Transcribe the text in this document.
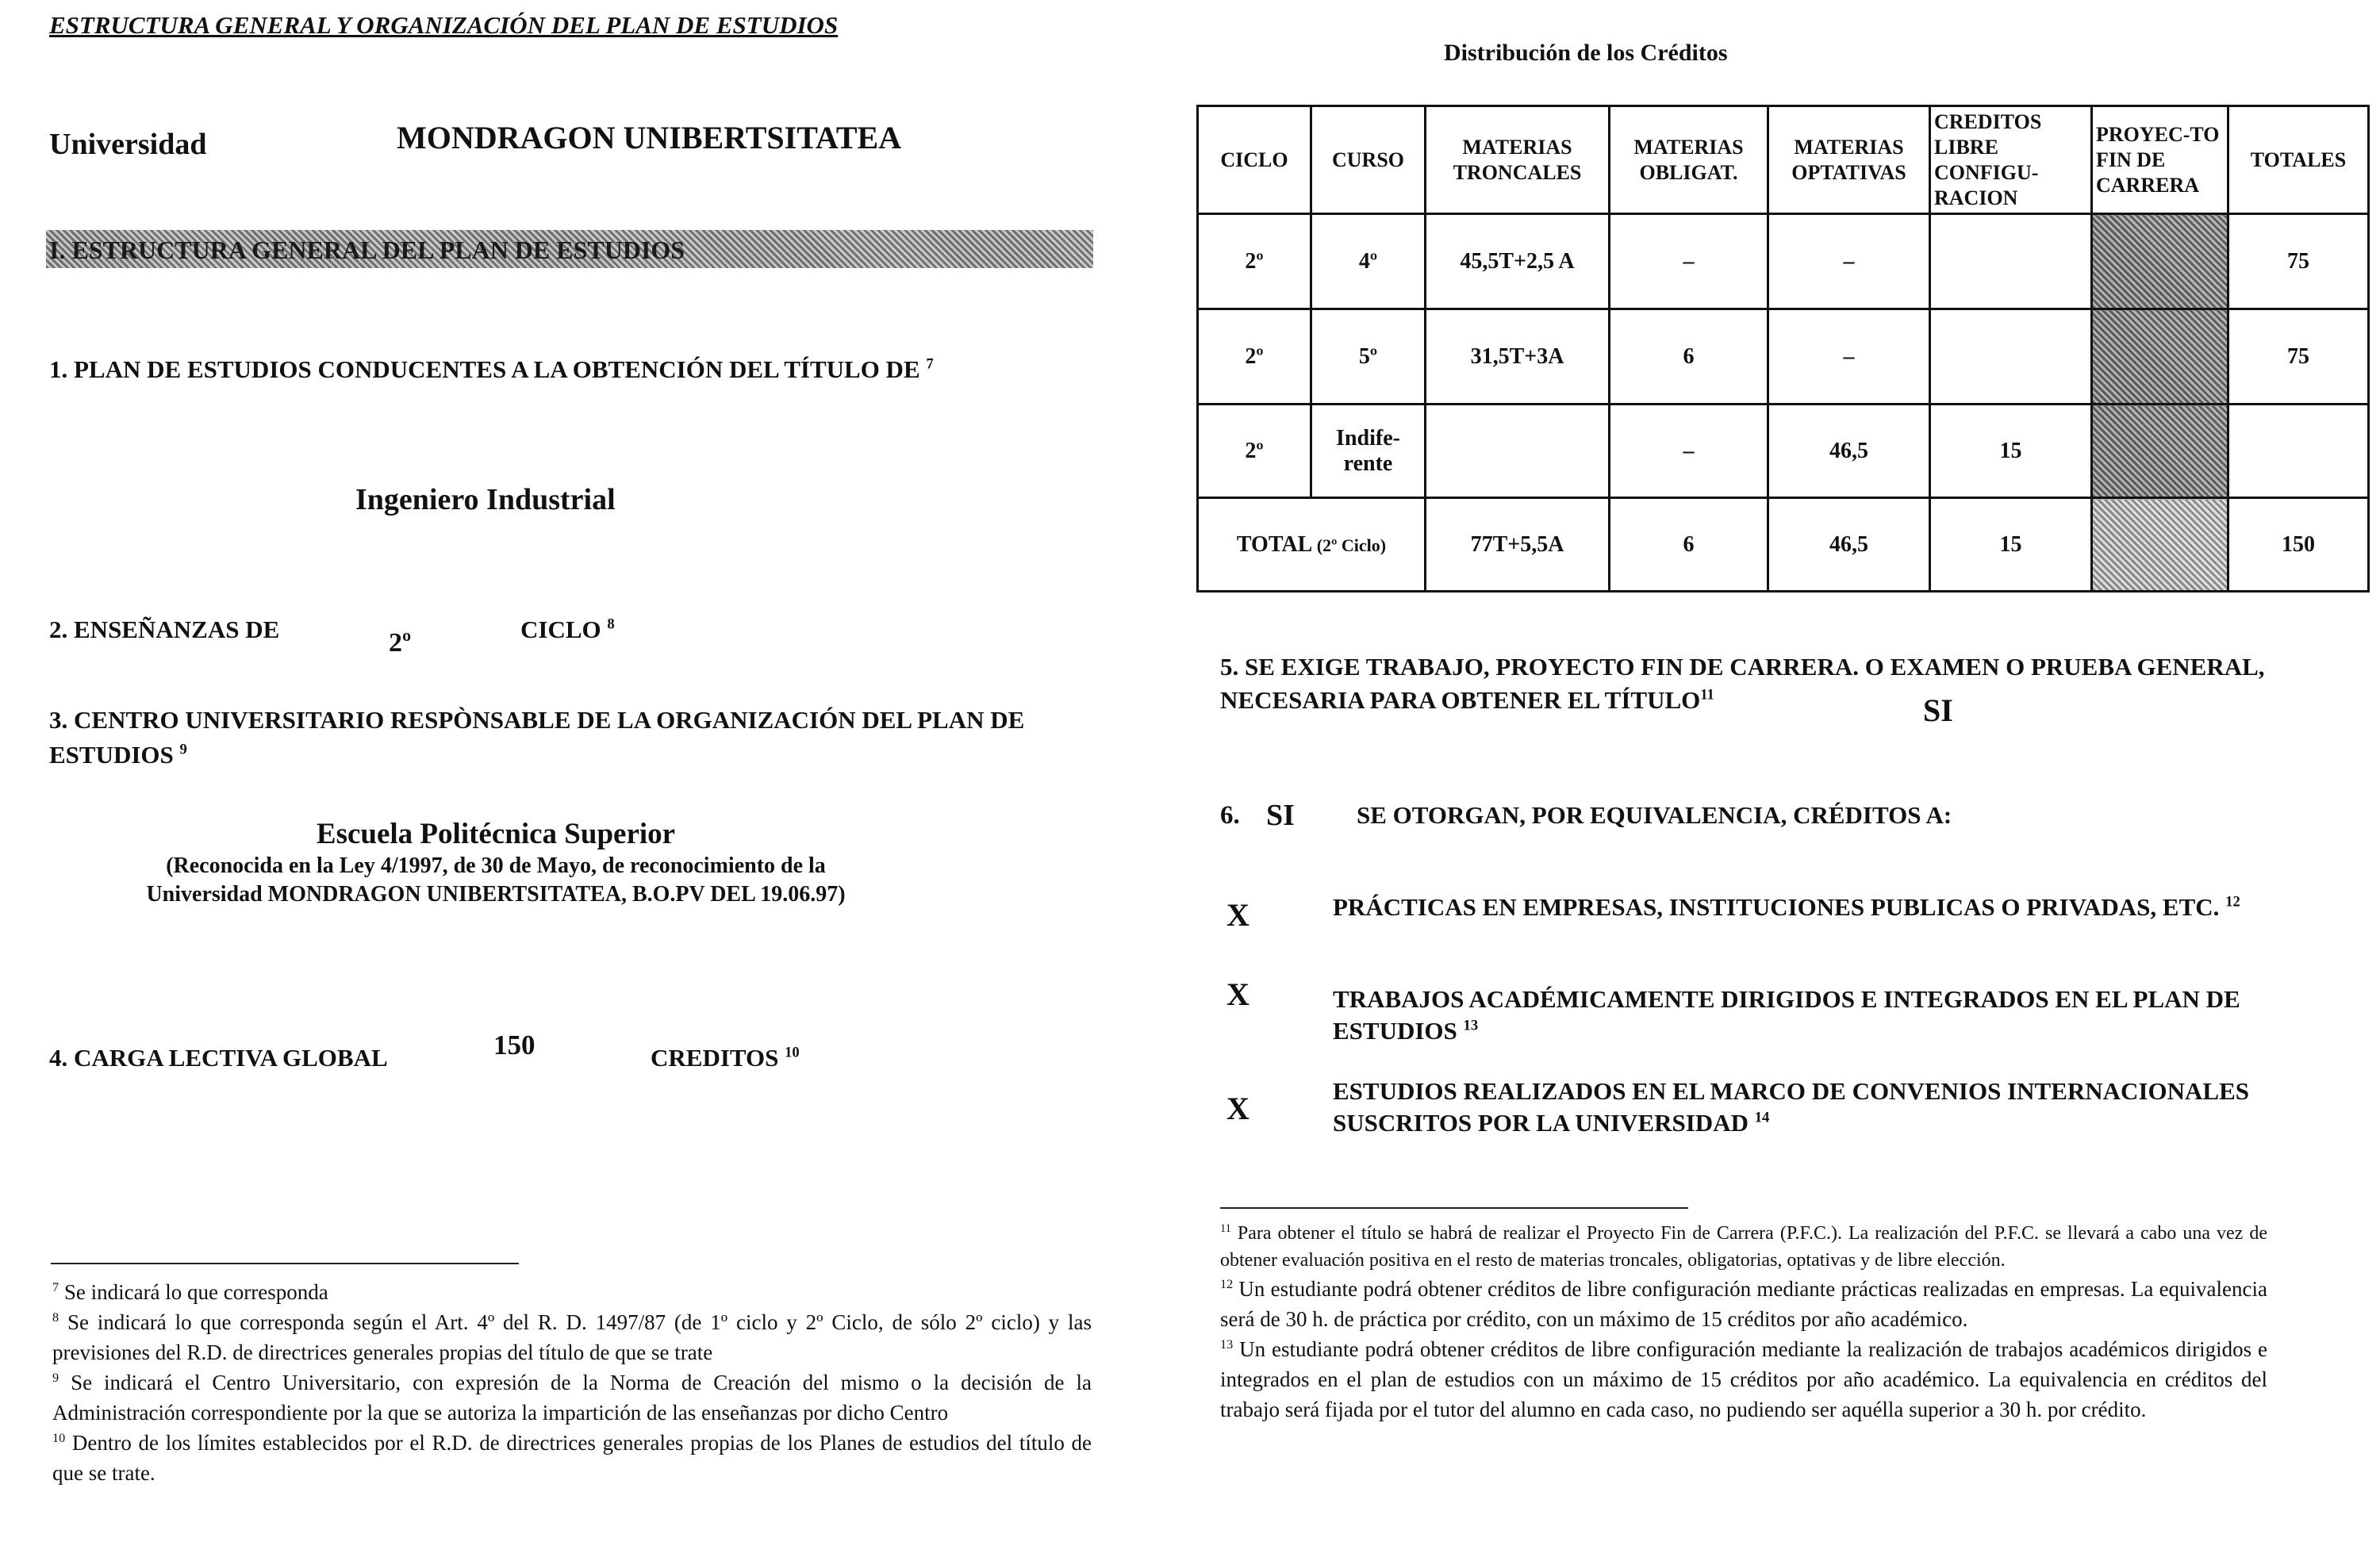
ESTRUCTURA GENERAL Y ORGANIZACIÓN DEL PLAN DE ESTUDIOS
Universidad	MONDRAGON UNIBERTSITATEA
I. ESTRUCTURA GENERAL DEL PLAN DE ESTUDIOS
1. PLAN DE ESTUDIOS CONDUCENTES A LA OBTENCIÓN DEL TÍTULO DE $^7$
Ingeniero Industrial
2. ENSEÑANZAS DE	2º	CICLO $^8$
3. CENTRO UNIVERSITARIO RESPÒNSABLE DE LA ORGANIZACIÓN DEL PLAN DE ESTUDIOS $^9$
Escuela Politécnica Superior
(Reconocida en la Ley 4/1997, de 30 de Mayo, de reconocimiento de la
Universidad MONDRAGON UNIBERTSITATEA, B.O.PV DEL 19.06.97)
4. CARGA LECTIVA GLOBAL	150	CREDITOS $^{10}$

$^7$ Se indicará lo que corresponda

$^8$ Se indicará lo que corresponda según el Art. 4º del R. D. 1497/87 (de 1º ciclo y 2º Ciclo, de sólo 2º ciclo) y las previsiones del R.D. de directrices generales propias del título de que se trate

$^9$ Se indicará el Centro Universitario, con expresión de la Norma de Creación del mismo o la decisión de la Administración correspondiente por la que se autoriza la impartición de las enseñanzas por dicho Centro

$^{10}$ Dentro de los límites establecidos por el R.D. de directrices generales propias de los Planes de estudios del título de que se trate.

Distribución de los Créditos
CICLO	CURSO	MATERIAS TRONCALES	MATERIAS OBLIGAT.	MATERIAS OPTATIVAS	CREDITOS LIBRE CONFIGU-RACION	PROYEC-TO FIN DE CARRERA	TOTALES
2º	4º	45,5T+2,5 A	–	–			75
2º	5º	31,5T+3A	6	–			75
2º	Indife-rente		–	46,5	15		
TOTAL (2º Ciclo)		77T+5,5A	6	46,5	15		150
5. SE EXIGE TRABAJO, PROYECTO FIN DE CARRERA. O EXAMEN O PRUEBA GENERAL, NECESARIA PARA OBTENER EL TÍTULO$^{11}$	SI
6. SI	SE OTORGAN, POR EQUIVALENCIA, CRÉDITOS A:
X	PRÁCTICAS EN EMPRESAS, INSTITUCIONES PUBLICAS O PRIVADAS, ETC. $^{12}$
X	TRABAJOS ACADÉMICAMENTE DIRIGIDOS E INTEGRADOS EN EL PLAN DE ESTUDIOS $^{13}$
X	ESTUDIOS REALIZADOS EN EL MARCO DE CONVENIOS INTERNACIONALES SUSCRITOS POR LA UNIVERSIDAD $^{14}$

$^{11}$ Para obtener el título se habrá de realizar el Proyecto Fin de Carrera (P.F.C.). La realización del P.F.C. se llevará a cabo una vez de obtener evaluación positiva en el resto de materias troncales, obligatorias, optativas y de libre elección.

$^{12}$ Un estudiante podrá obtener créditos de libre configuración mediante prácticas realizadas en empresas. La equivalencia será de 30 h. de práctica por crédito, con un máximo de 15 créditos por año académico.

$^{13}$ Un estudiante podrá obtener créditos de libre configuración mediante la realización de trabajos académicos dirigidos e integrados en el plan de estudios con un máximo de 15 créditos por año académico. La equivalencia en créditos del trabajo será fijada por el tutor del alumno en cada caso, no pudiendo ser aquélla superior a 30 h. por crédito.
